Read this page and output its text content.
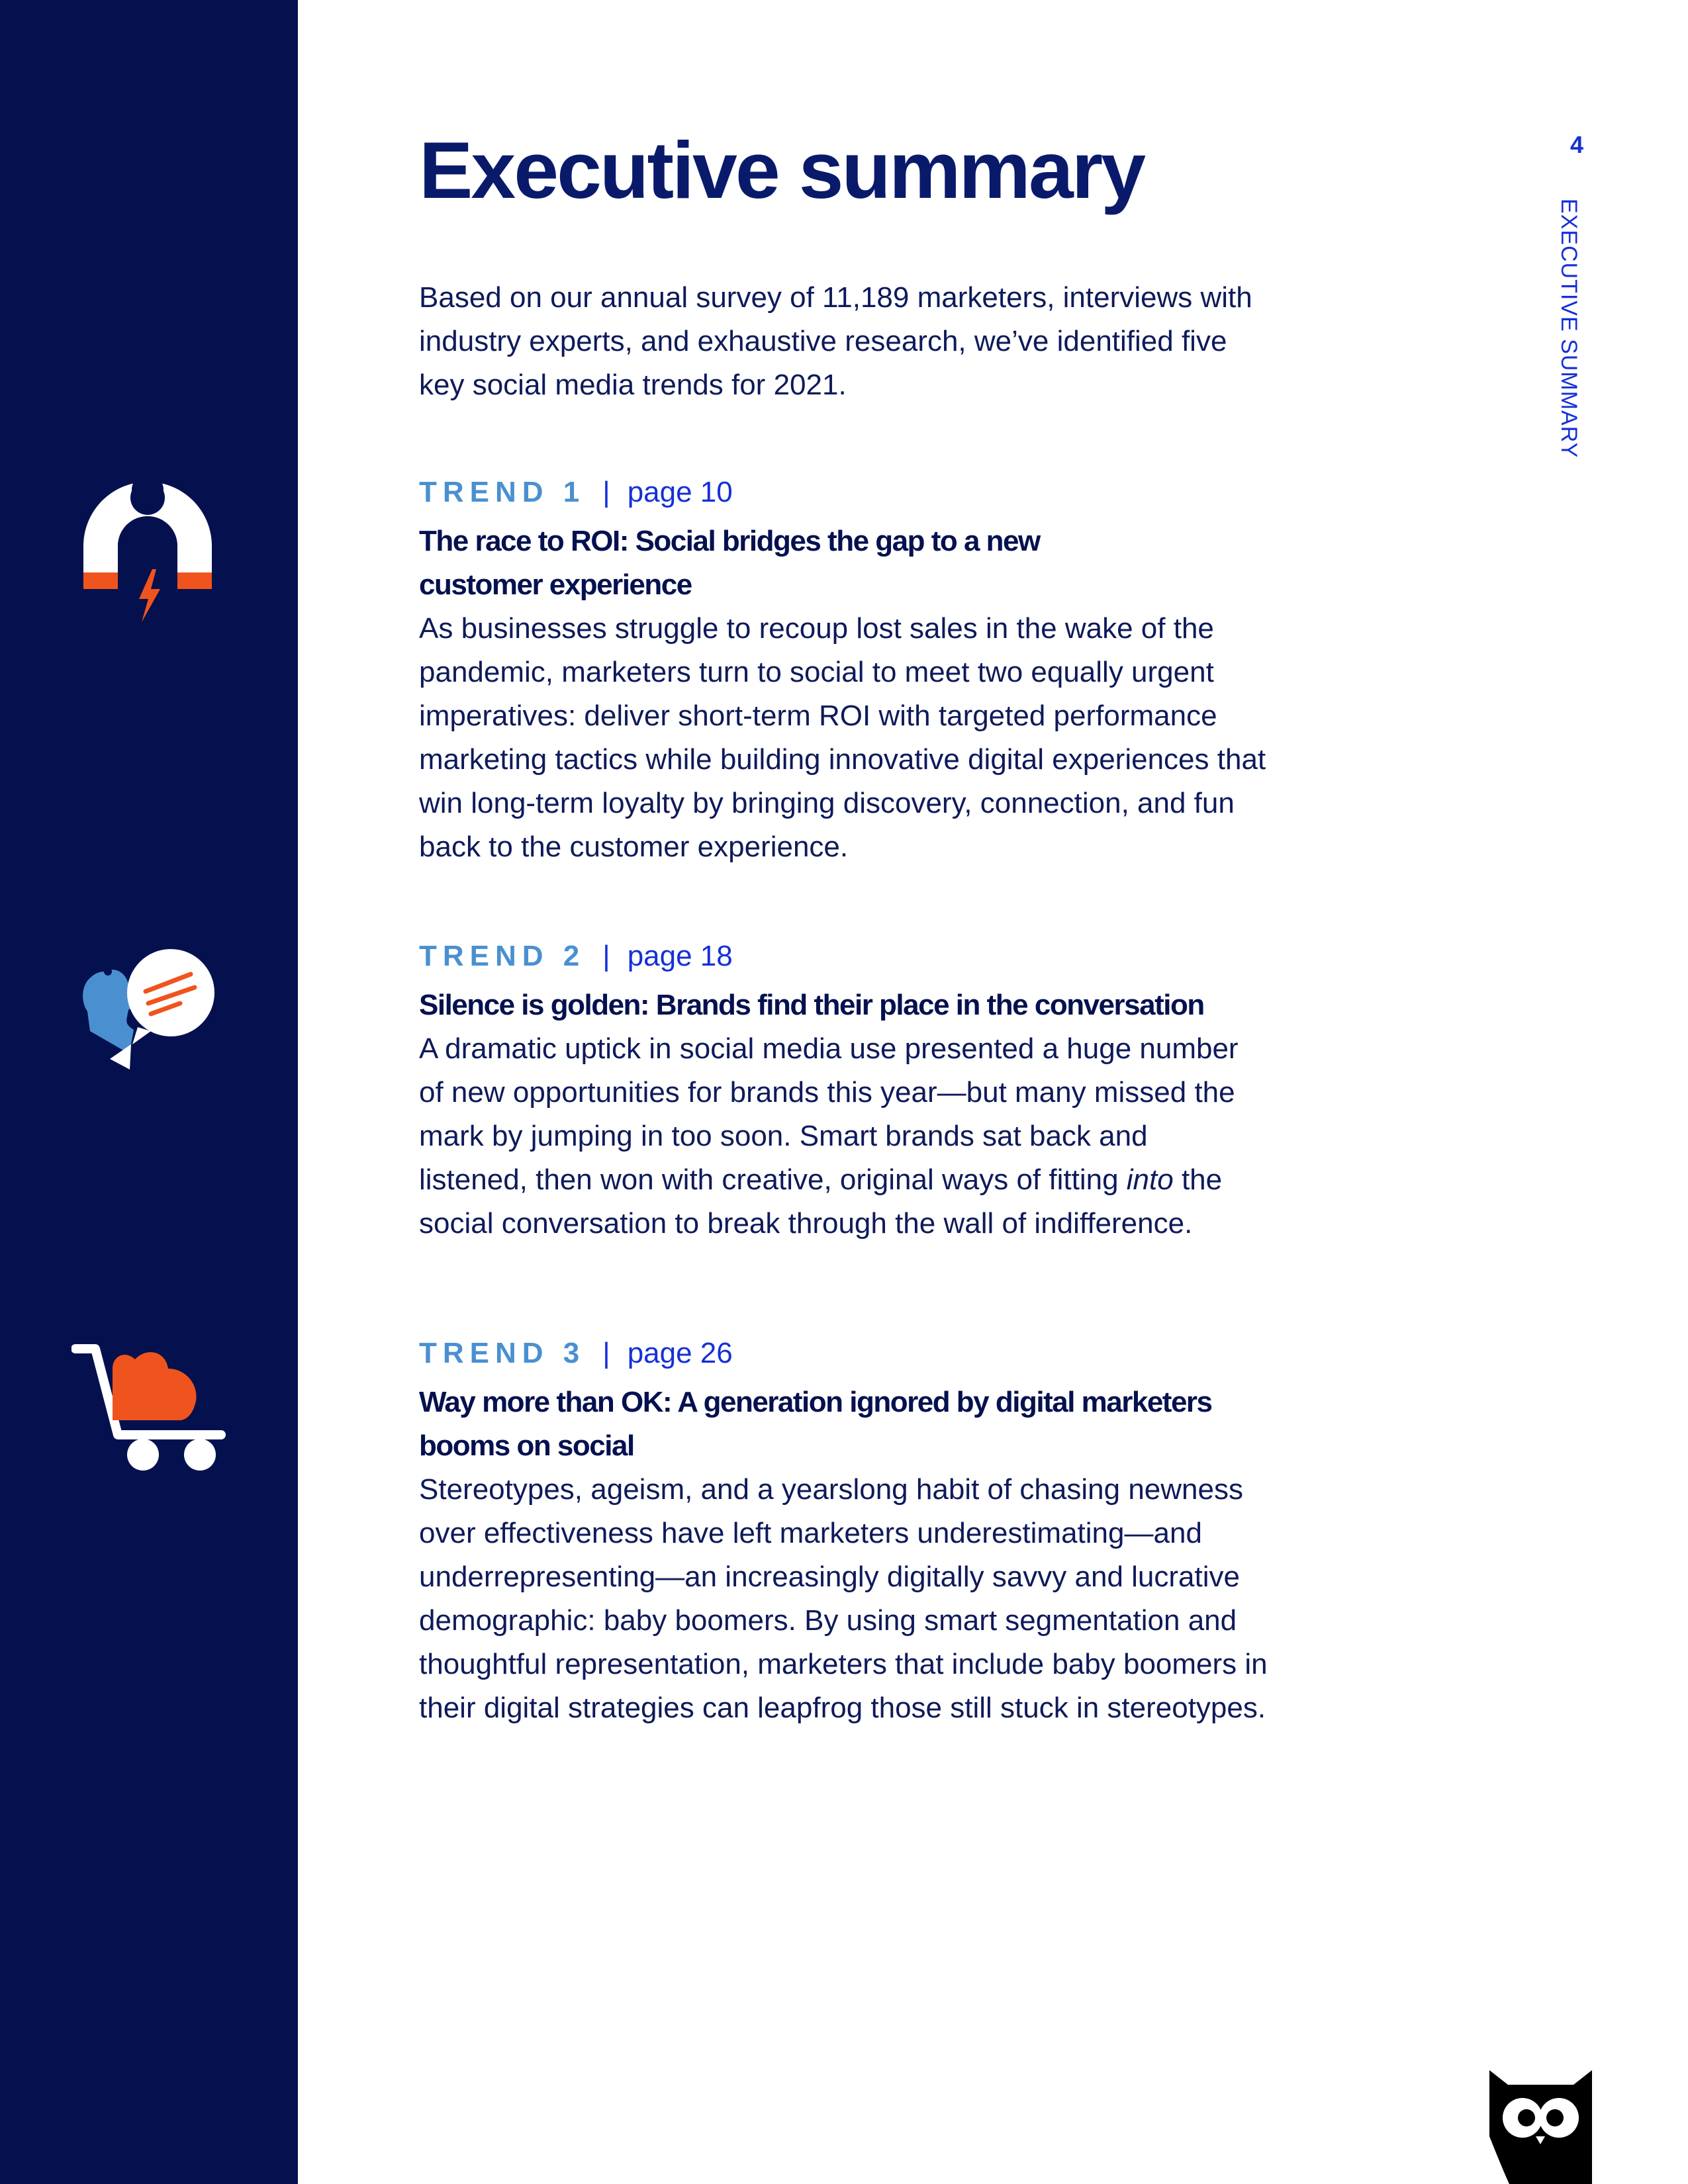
Executive summary	4
EXECUTIVE SUMMARY

Based on our annual survey of 11,189 marketers, interviews with industry experts, and exhaustive research, we’ve identified five key social media trends for 2021.

TREND 1 | page 10

The race to ROI: Social bridges the gap to a new customer experience

As businesses struggle to recoup lost sales in the wake of the pandemic, marketers turn to social to meet two equally urgent imperatives: deliver short-term ROI with targeted performance marketing tactics while building innovative digital experiences that win long-term loyalty by bringing discovery, connection, and fun back to the customer experience.

TREND 2 | page 18

Silence is golden: Brands find their place in the conversation

A dramatic uptick in social media use presented a huge number of new opportunities for brands this year—but many missed the mark by jumping in too soon. Smart brands sat back and listened, then won with creative, original ways of fitting into the social conversation to break through the wall of indifference.

TREND 3 | page 26

Way more than OK: A generation ignored by digital marketers booms on social

Stereotypes, ageism, and a yearslong habit of chasing newness over effectiveness have left marketers underestimating—and underrepresenting—an increasingly digitally savvy and lucrative demographic: baby boomers. By using smart segmentation and thoughtful representation, marketers that include baby boomers in their digital strategies can leapfrog those still stuck in stereotypes.
